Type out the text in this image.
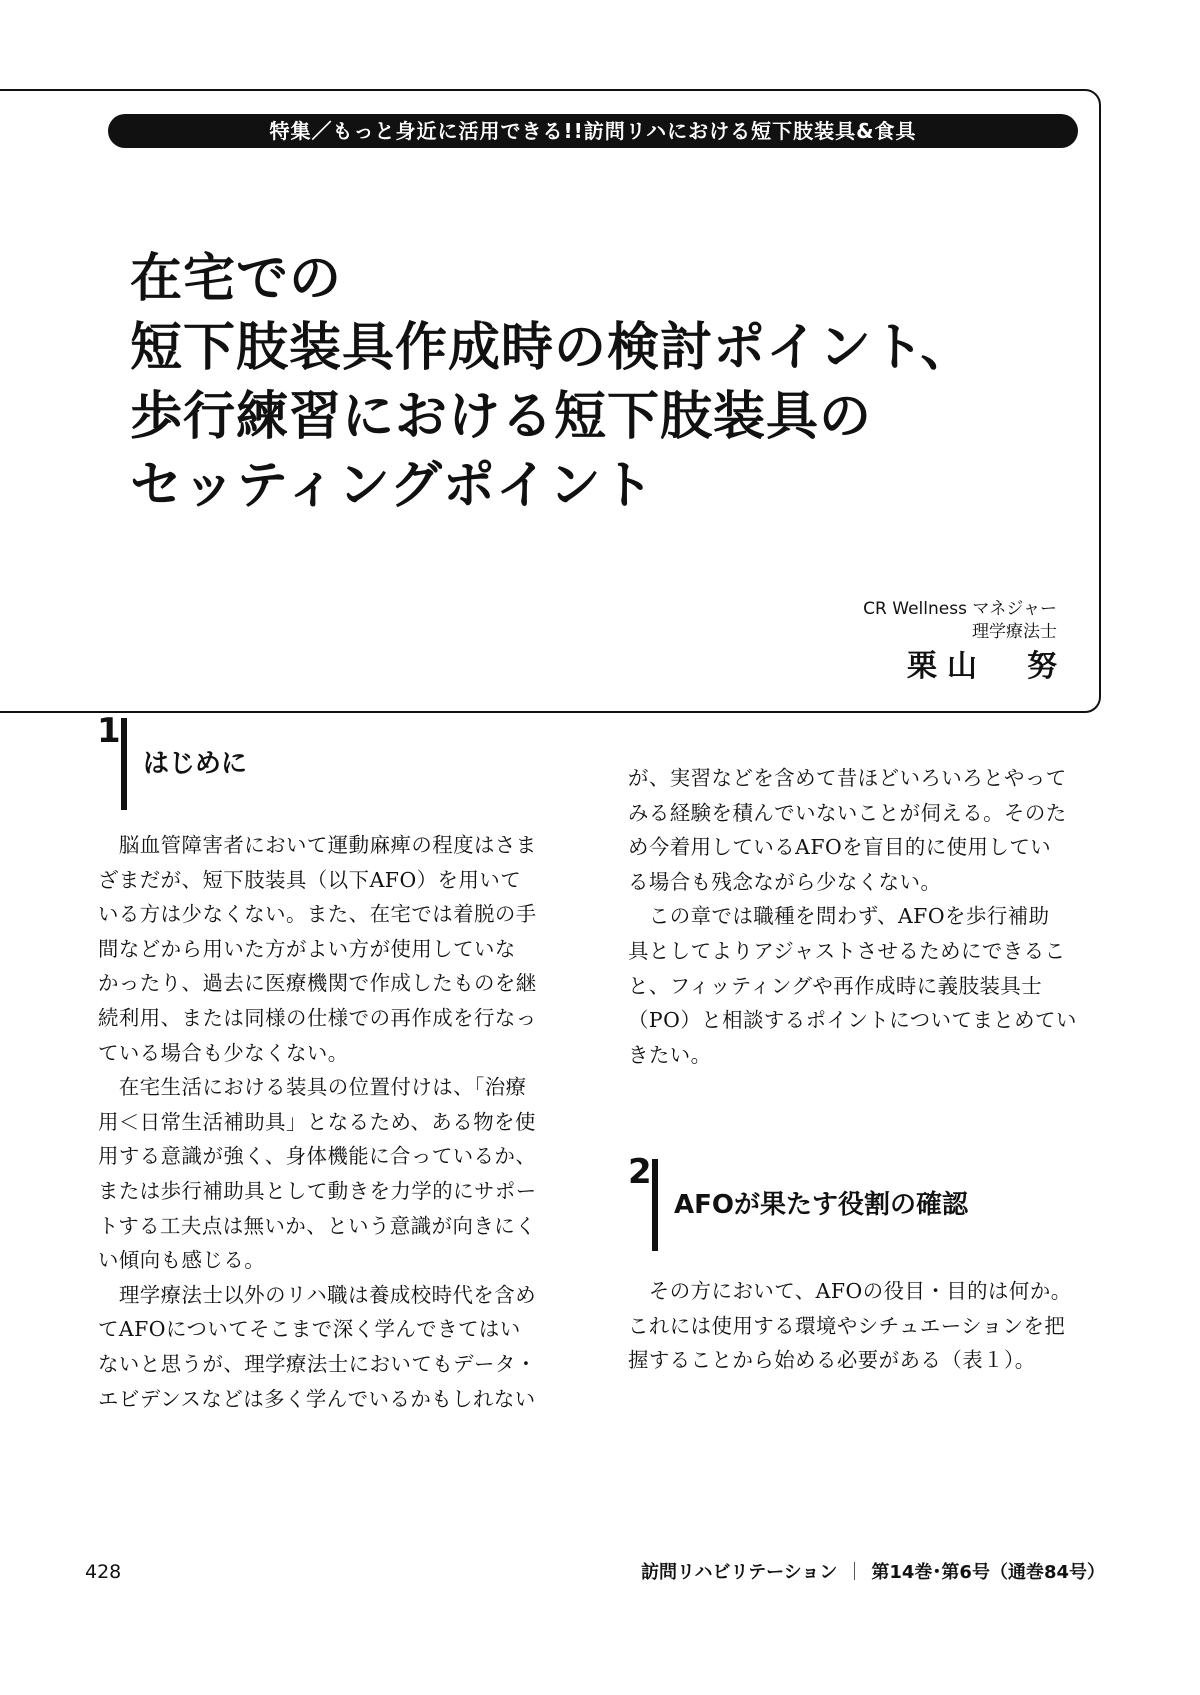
特集／もっと身近に活用できる!!訪問リハにおける短下肢装具&食具
在宅での
短下肢装具作成時の検討ポイント、
歩行練習における短下肢装具の
セッティングポイント
CR Wellness マネジャー
理学療法士
栗山　努
1
はじめに

　脳血管障害者において運動麻痺の程度はさま
ざまだが、短下肢装具（以下AFO）を用いて
いる方は少なくない。また、在宅では着脱の手
間などから用いた方がよい方が使用していな
かったり、過去に医療機関で作成したものを継
続利用、または同様の仕様での再作成を行なっ
ている場合も少なくない。
　在宅生活における装具の位置付けは、「治療
用＜日常生活補助具」となるため、ある物を使
用する意識が強く、身体機能に合っているか、
または歩行補助具として動きを力学的にサポー
トする工夫点は無いか、という意識が向きにく
い傾向も感じる。
　理学療法士以外のリハ職は養成校時代を含め
てAFOについてそこまで深く学んできてはい
ないと思うが、理学療法士においてもデータ・
エビデンスなどは多く学んでいるかもしれない

が、実習などを含めて昔ほどいろいろとやって
みる経験を積んでいないことが伺える。そのた
め今着用しているAFOを盲目的に使用してい
る場合も残念ながら少なくない。
　この章では職種を問わず、AFOを歩行補助
具としてよりアジャストさせるためにできるこ
と、フィッティングや再作成時に義肢装具士
（PO）と相談するポイントについてまとめてい
きたい。

2
AFOが果たす役割の確認

　その方において、AFOの役目・目的は何か。
これには使用する環境やシチュエーションを把
握することから始める必要がある（表１）。

428	訪問リハビリテーション ｜ 第14巻･第6号（通巻84号）
